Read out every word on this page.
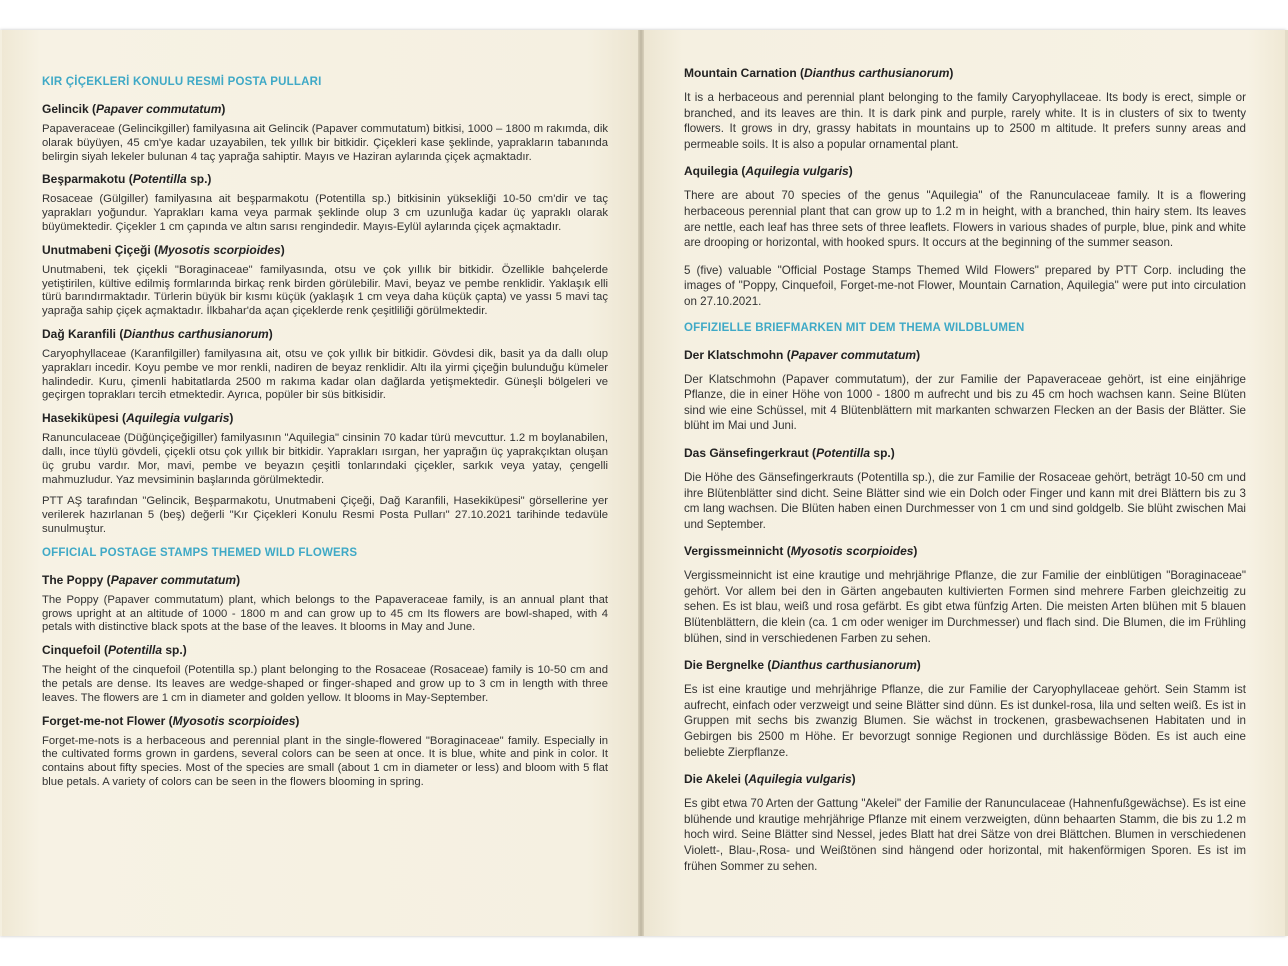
KIR ÇİÇEKLERİ KONULU RESMİ POSTA PULLARI
Gelincik (Papaver commutatum)

Papaveraceae (Gelincikgiller) familyasına ait Gelincik (Papaver commutatum) bitkisi, 1000 – 1800 m rakımda, dik olarak büyüyen, 45 cm'ye kadar uzayabilen, tek yıllık bir bitkidir. Çiçekleri kase şeklinde, yaprakların tabanında belirgin siyah lekeler bulunan 4 taç yaprağa sahiptir. Mayıs ve Haziran aylarında çiçek açmaktadır.

Beşparmakotu (Potentilla sp.)

Rosaceae (Gülgiller) familyasına ait beşparmakotu (Potentilla sp.) bitkisinin yüksekliği 10-50 cm'dir ve taç yaprakları yoğundur. Yaprakları kama veya parmak şeklinde olup 3 cm uzunluğa kadar üç yapraklı olarak büyümektedir. Çiçekler 1 cm çapında ve altın sarısı rengindedir. Mayıs-Eylül aylarında çiçek açmaktadır.

Unutmabeni Çiçeği (Myosotis scorpioides)

Unutmabeni, tek çiçekli "Boraginaceae" familyasında, otsu ve çok yıllık bir bitkidir. Özellikle bahçelerde yetiştirilen, kültive edilmiş formlarında birkaç renk birden görülebilir. Mavi, beyaz ve pembe renklidir. Yaklaşık elli türü barındırmaktadır. Türlerin büyük bir kısmı küçük (yaklaşık 1 cm veya daha küçük çapta) ve yassı 5 mavi taç yaprağa sahip çiçek açmaktadır. İlkbahar'da açan çiçeklerde renk çeşitliliği görülmektedir.

Dağ Karanfili (Dianthus carthusianorum)

Caryophyllaceae (Karanfilgiller) familyasına ait, otsu ve çok yıllık bir bitkidir. Gövdesi dik, basit ya da dallı olup yaprakları incedir. Koyu pembe ve mor renkli, nadiren de beyaz renklidir. Altı ila yirmi çiçeğin bulunduğu kümeler halindedir. Kuru, çimenli habitatlarda 2500 m rakıma kadar olan dağlarda yetişmektedir. Güneşli bölgeleri ve geçirgen toprakları tercih etmektedir. Ayrıca, popüler bir süs bitkisidir.

Hasekiküpesi (Aquilegia vulgaris)

Ranunculaceae (Düğünçiçeğigiller) familyasının "Aquilegia" cinsinin 70 kadar türü mevcuttur. 1.2 m boylanabilen, dallı, ince tüylü gövdeli, çiçekli otsu çok yıllık bir bitkidir. Yaprakları ısırgan, her yaprağın üç yaprakçıktan oluşan üç grubu vardır. Mor, mavi, pembe ve beyazın çeşitli tonlarındaki çiçekler, sarkık veya yatay, çengelli mahmuzludur. Yaz mevsiminin başlarında görülmektedir.

PTT AŞ tarafından "Gelincik, Beşparmakotu, Unutmabeni Çiçeği, Dağ Karanfili, Hasekiküpesi" görsellerine yer verilerek hazırlanan 5 (beş) değerli "Kır Çiçekleri Konulu Resmi Posta Pulları" 27.10.2021 tarihinde tedavüle sunulmuştur.

OFFICIAL POSTAGE STAMPS THEMED WILD FLOWERS
The Poppy (Papaver commutatum)

The Poppy (Papaver commutatum) plant, which belongs to the Papaveraceae family, is an annual plant that grows upright at an altitude of 1000 - 1800 m and can grow up to 45 cm Its flowers are bowl-shaped, with 4 petals with distinctive black spots at the base of the leaves. It blooms in May and June.

Cinquefoil (Potentilla sp.)

The height of the cinquefoil (Potentilla sp.) plant belonging to the Rosaceae (Rosaceae) family is 10-50 cm and the petals are dense. Its leaves are wedge-shaped or finger-shaped and grow up to 3 cm in length with three leaves. The flowers are 1 cm in diameter and golden yellow. It blooms in May-September.

Forget-me-not Flower (Myosotis scorpioides)

Forget-me-nots is a herbaceous and perennial plant in the single-flowered "Boraginaceae" family. Especially in the cultivated forms grown in gardens, several colors can be seen at once. It is blue, white and pink in color. It contains about fifty species. Most of the species are small (about 1 cm in diameter or less) and bloom with 5 flat blue petals. A variety of colors can be seen in the flowers blooming in spring.

Mountain Carnation (Dianthus carthusianorum)

It is a herbaceous and perennial plant belonging to the family Caryophyllaceae. Its body is erect, simple or branched, and its leaves are thin. It is dark pink and purple, rarely white. It is in clusters of six to twenty flowers. It grows in dry, grassy habitats in mountains up to 2500 m altitude. It prefers sunny areas and permeable soils. It is also a popular ornamental plant.

Aquilegia (Aquilegia vulgaris)

There are about 70 species of the genus "Aquilegia" of the Ranunculaceae family. It is a flowering herbaceous perennial plant that can grow up to 1.2 m in height, with a branched, thin hairy stem. Its leaves are nettle, each leaf has three sets of three leaflets. Flowers in various shades of purple, blue, pink and white are drooping or horizontal, with hooked spurs. It occurs at the beginning of the summer season.

5 (five) valuable "Official Postage Stamps Themed Wild Flowers" prepared by PTT Corp. including the images of "Poppy, Cinquefoil, Forget-me-not Flower, Mountain Carnation, Aquilegia" were put into circulation on 27.10.2021.

OFFIZIELLE BRIEFMARKEN MIT DEM THEMA WILDBLUMEN
Der Klatschmohn (Papaver commutatum)

Der Klatschmohn (Papaver commutatum), der zur Familie der Papaveraceae gehört, ist eine einjährige Pflanze, die in einer Höhe von 1000 - 1800 m aufrecht und bis zu 45 cm hoch wachsen kann. Seine Blüten sind wie eine Schüssel, mit 4 Blütenblättern mit markanten schwarzen Flecken an der Basis der Blätter. Sie blüht im Mai und Juni.

Das Gänsefingerkraut (Potentilla sp.)

Die Höhe des Gänsefingerkrauts (Potentilla sp.), die zur Familie der Rosaceae gehört, beträgt 10-50 cm und ihre Blütenblätter sind dicht. Seine Blätter sind wie ein Dolch oder Finger und kann mit drei Blättern bis zu 3 cm lang wachsen. Die Blüten haben einen Durchmesser von 1 cm und sind goldgelb. Sie blüht zwischen Mai und September.

Vergissmeinnicht (Myosotis scorpioides)

Vergissmeinnicht ist eine krautige und mehrjährige Pflanze, die zur Familie der einblütigen "Boraginaceae" gehört. Vor allem bei den in Gärten angebauten kultivierten Formen sind mehrere Farben gleichzeitig zu sehen. Es ist blau, weiß und rosa gefärbt. Es gibt etwa fünfzig Arten. Die meisten Arten blühen mit 5 blauen Blütenblättern, die klein (ca. 1 cm oder weniger im Durchmesser) und flach sind. Die Blumen, die im Frühling blühen, sind in verschiedenen Farben zu sehen.

Die Bergnelke (Dianthus carthusianorum)

Es ist eine krautige und mehrjährige Pflanze, die zur Familie der Caryophyllaceae gehört. Sein Stamm ist aufrecht, einfach oder verzweigt und seine Blätter sind dünn. Es ist dunkel-rosa, lila und selten weiß. Es ist in Gruppen mit sechs bis zwanzig Blumen. Sie wächst in trockenen, grasbewachsenen Habitaten und in Gebirgen bis 2500 m Höhe. Er bevorzugt sonnige Regionen und durchlässige Böden. Es ist auch eine beliebte Zierpflanze.

Die Akelei (Aquilegia vulgaris)

Es gibt etwa 70 Arten der Gattung "Akelei" der Familie der Ranunculaceae (Hahnenfußgewächse). Es ist eine blühende und krautige mehrjährige Pflanze mit einem verzweigten, dünn behaarten Stamm, die bis zu 1.2 m hoch wird. Seine Blätter sind Nessel, jedes Blatt hat drei Sätze von drei Blättchen. Blumen in verschiedenen Violett-, Blau-,Rosa- und Weißtönen sind hängend oder horizontal, mit hakenförmigen Sporen. Es ist im frühen Sommer zu sehen.
